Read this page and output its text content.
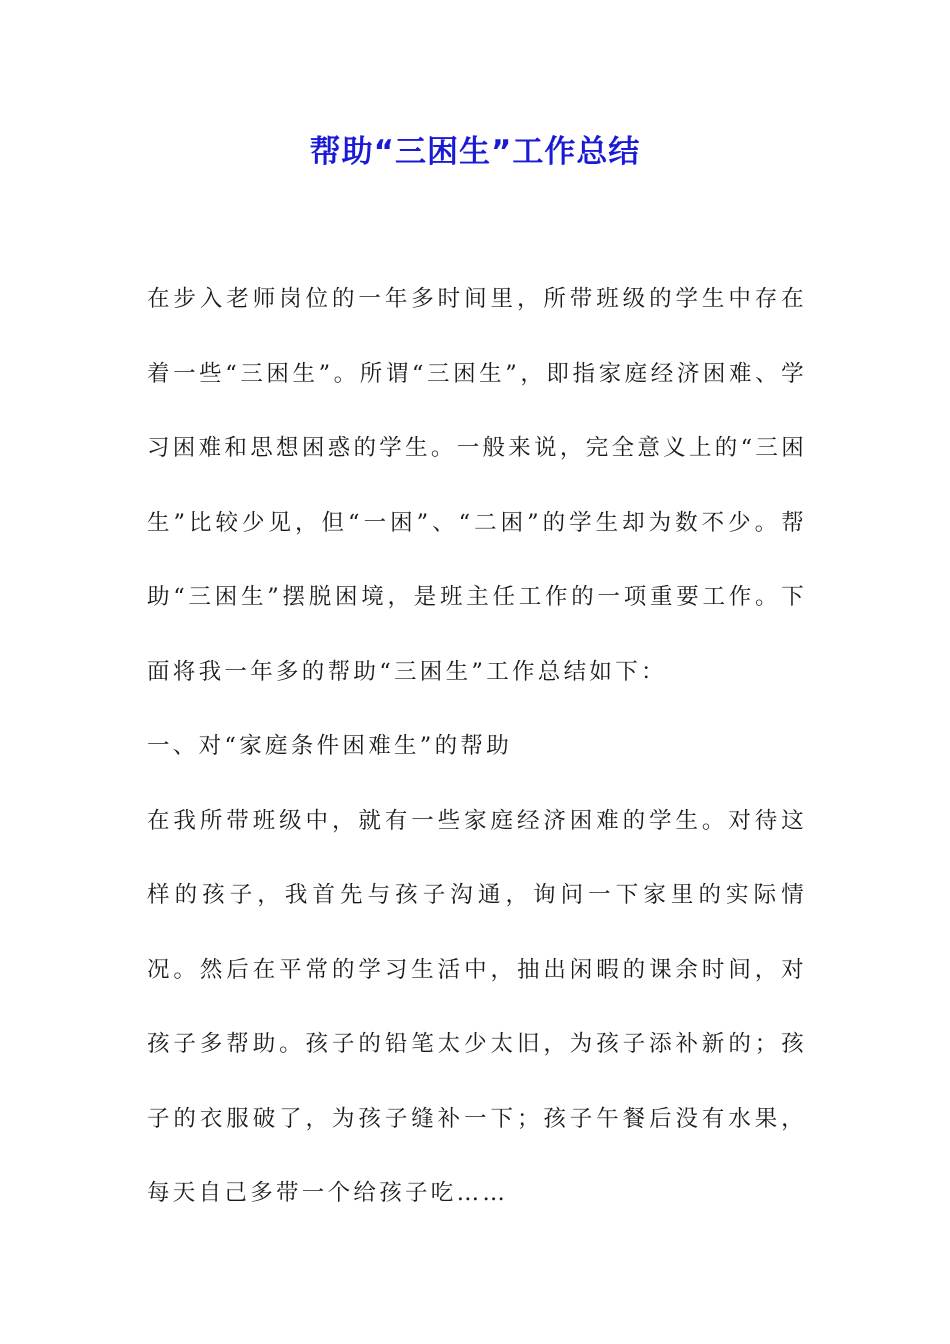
帮助“三困生”工作总结

在步入老师岗位的一年多时间里，所带班级的学生中存在着一些“三困生”。所谓“三困生”，即指家庭经济困难、学习困难和思想困惑的学生。一般来说，完全意义上的“三困生”比较少见，但“一困”、“二困”的学生却为数不少。帮助“三困生”摆脱困境，是班主任工作的一项重要工作。下面将我一年多的帮助“三困生”工作总结如下：

一、对“家庭条件困难生”的帮助

在我所带班级中，就有一些家庭经济困难的学生。对待这样的孩子，我首先与孩子沟通，询问一下家里的实际情况。然后在平常的学习生活中，抽出闲暇的课余时间，对孩子多帮助。孩子的铅笔太少太旧，为孩子添补新的；孩子的衣服破了，为孩子缝补一下；孩子午餐后没有水果，每天自己多带一个给孩子吃……
